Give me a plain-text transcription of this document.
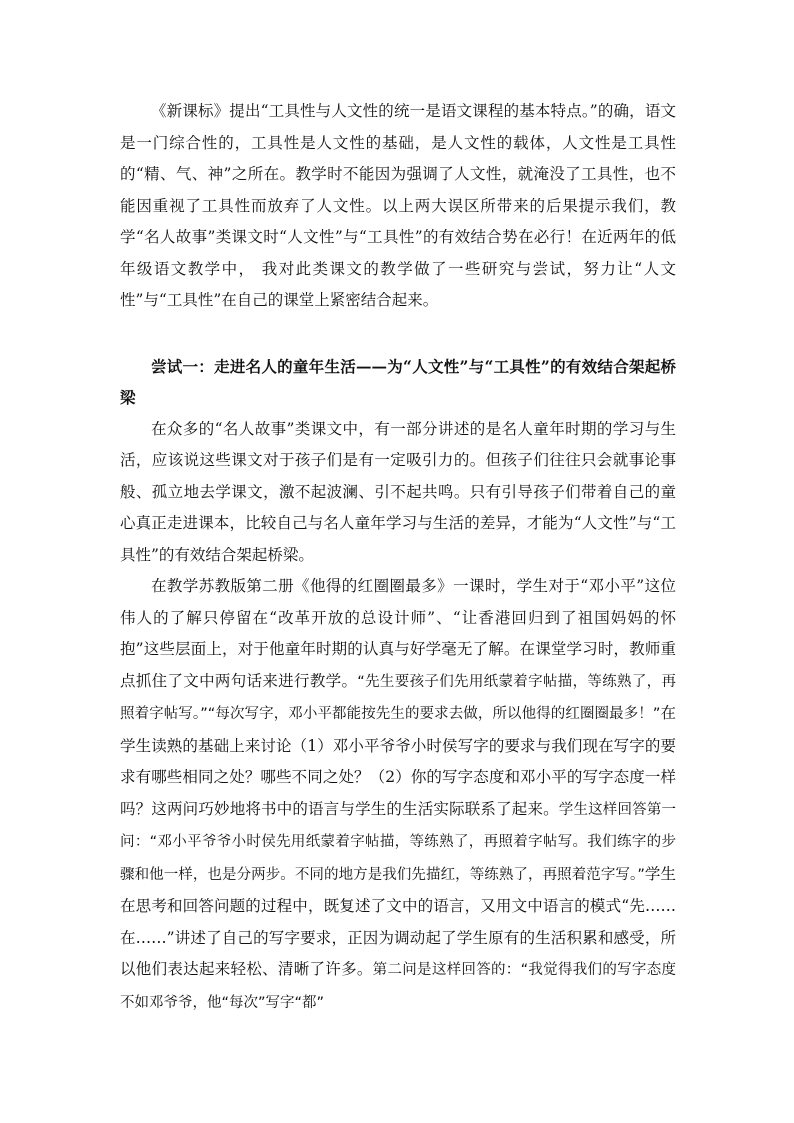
《新课标》提出“工具性与人文性的统一是语文课程的基本特点。”的确，语文是一门综合性的，工具性是人文性的基础，是人文性的载体，人文性是工具性的“精、气、神”之所在。教学时不能因为强调了人文性，就淹没了工具性，也不能因重视了工具性而放弃了人文性。以上两大误区所带来的后果提示我们，教学“名人故事”类课文时“人文性”与“工具性”的有效结合势在必行！在近两年的低年级语文教学中， 我对此类课文的教学做了一些研究与尝试，努力让“人文性”与“工具性”在自己的课堂上紧密结合起来。

尝试一：走进名人的童年生活——为“人文性”与“工具性”的有效结合架起桥梁

在众多的“名人故事”类课文中，有一部分讲述的是名人童年时期的学习与生活，应该说这些课文对于孩子们是有一定吸引力的。但孩子们往往只会就事论事般、孤立地去学课文，激不起波澜、引不起共鸣。只有引导孩子们带着自己的童心真正走进课本，比较自己与名人童年学习与生活的差异，才能为“人文性”与“工具性”的有效结合架起桥梁。

在教学苏教版第二册《他得的红圈圈最多》一课时，学生对于“邓小平”这位伟人的了解只停留在“改革开放的总设计师”、“让香港回归到了祖国妈妈的怀抱”这些层面上，对于他童年时期的认真与好学毫无了解。在课堂学习时，教师重点抓住了文中两句话来进行教学。“先生要孩子们先用纸蒙着字帖描，等练熟了，再照着字帖写。”“每次写字，邓小平都能按先生的要求去做，所以他得的红圈圈最多！”在学生读熟的基础上来讨论（1）邓小平爷爷小时侯写字的要求与我们现在写字的要求有哪些相同之处？哪些不同之处？（2）你的写字态度和邓小平的写字态度一样吗？这两问巧妙地将书中的语言与学生的生活实际联系了起来。学生这样回答第一问：“邓小平爷爷小时侯先用纸蒙着字帖描，等练熟了，再照着字帖写。我们练字的步骤和他一样，也是分两步。不同的地方是我们先描红，等练熟了，再照着范字写。”学生在思考和回答问题的过程中，既复述了文中的语言，又用文中语言的模式“先……在……”讲述了自己的写字要求，正因为调动起了学生原有的生活积累和感受，所以他们表达起来轻松、清晰了许多。第二问是这样回答的：“我觉得我们的写字态度不如邓爷爷，他“每次”写字“都”
